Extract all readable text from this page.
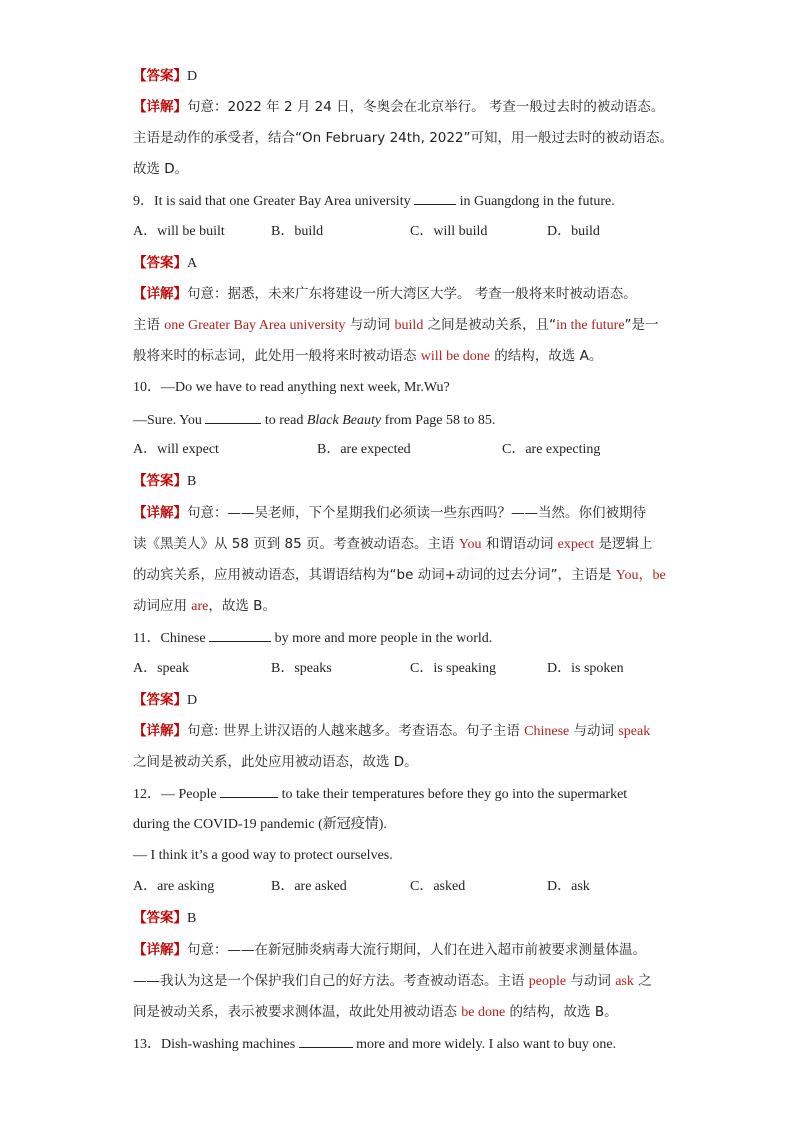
【答案】D
【详解】句意：2022 年 2 月 24 日，冬奥会在北京举行。 考查一般过去时的被动语态。
主语是动作的承受者，结合“On February 24th, 2022”可知，用一般过去时的被动语态。
故选 D。
9．It is said that one Greater Bay Area university	in Guangdong in the future.
A．will be built	B．build	C．will build	D．build
【答案】A
【详解】句意：据悉，未来广东将建设一所大湾区大学。 考查一般将来时被动语态。
主语 one Greater Bay Area university 与动词 build 之间是被动关系，且“in the future”是一
般将来时的标志词，此处用一般将来时被动语态 will be done 的结构，故选 A。
10．—Do we have to read anything next week, Mr.Wu?
—Sure. You	to read Black Beauty from Page 58 to 85.
A．will expect	B．are expected	C．are expecting
【答案】B
【详解】句意：——吴老师，下个星期我们必须读一些东西吗？——当然。你们被期待
读《黑美人》从 58 页到 85 页。考查被动语态。主语 You 和谓语动词 expect 是逻辑上
的动宾关系，应用被动语态，其谓语结构为“be 动词+动词的过去分词”，主语是 You，be
动词应用 are，故选 B。
11．Chinese	by more and more people in the world.
A．speak	B．speaks	C．is speaking	D．is spoken
【答案】D
【详解】句意: 世界上讲汉语的人越来越多。考查语态。句子主语 Chinese 与动词 speak
之间是被动关系，此处应用被动语态，故选 D。
12．— People	to take their temperatures before they go into the supermarket
during the COVID-19 pandemic (新冠疫情).
— I think it’s a good way to protect ourselves.
A．are asking	B．are asked	C．asked	D．ask
【答案】B
【详解】句意：——在新冠肺炎病毒大流行期间，人们在进入超市前被要求测量体温。
——我认为这是一个保护我们自己的好方法。考查被动语态。主语 people 与动词 ask 之
间是被动关系，表示被要求测体温，故此处用被动语态 be done 的结构，故选 B。
13．Dish-washing machines	more and more widely. I also want to buy one.
